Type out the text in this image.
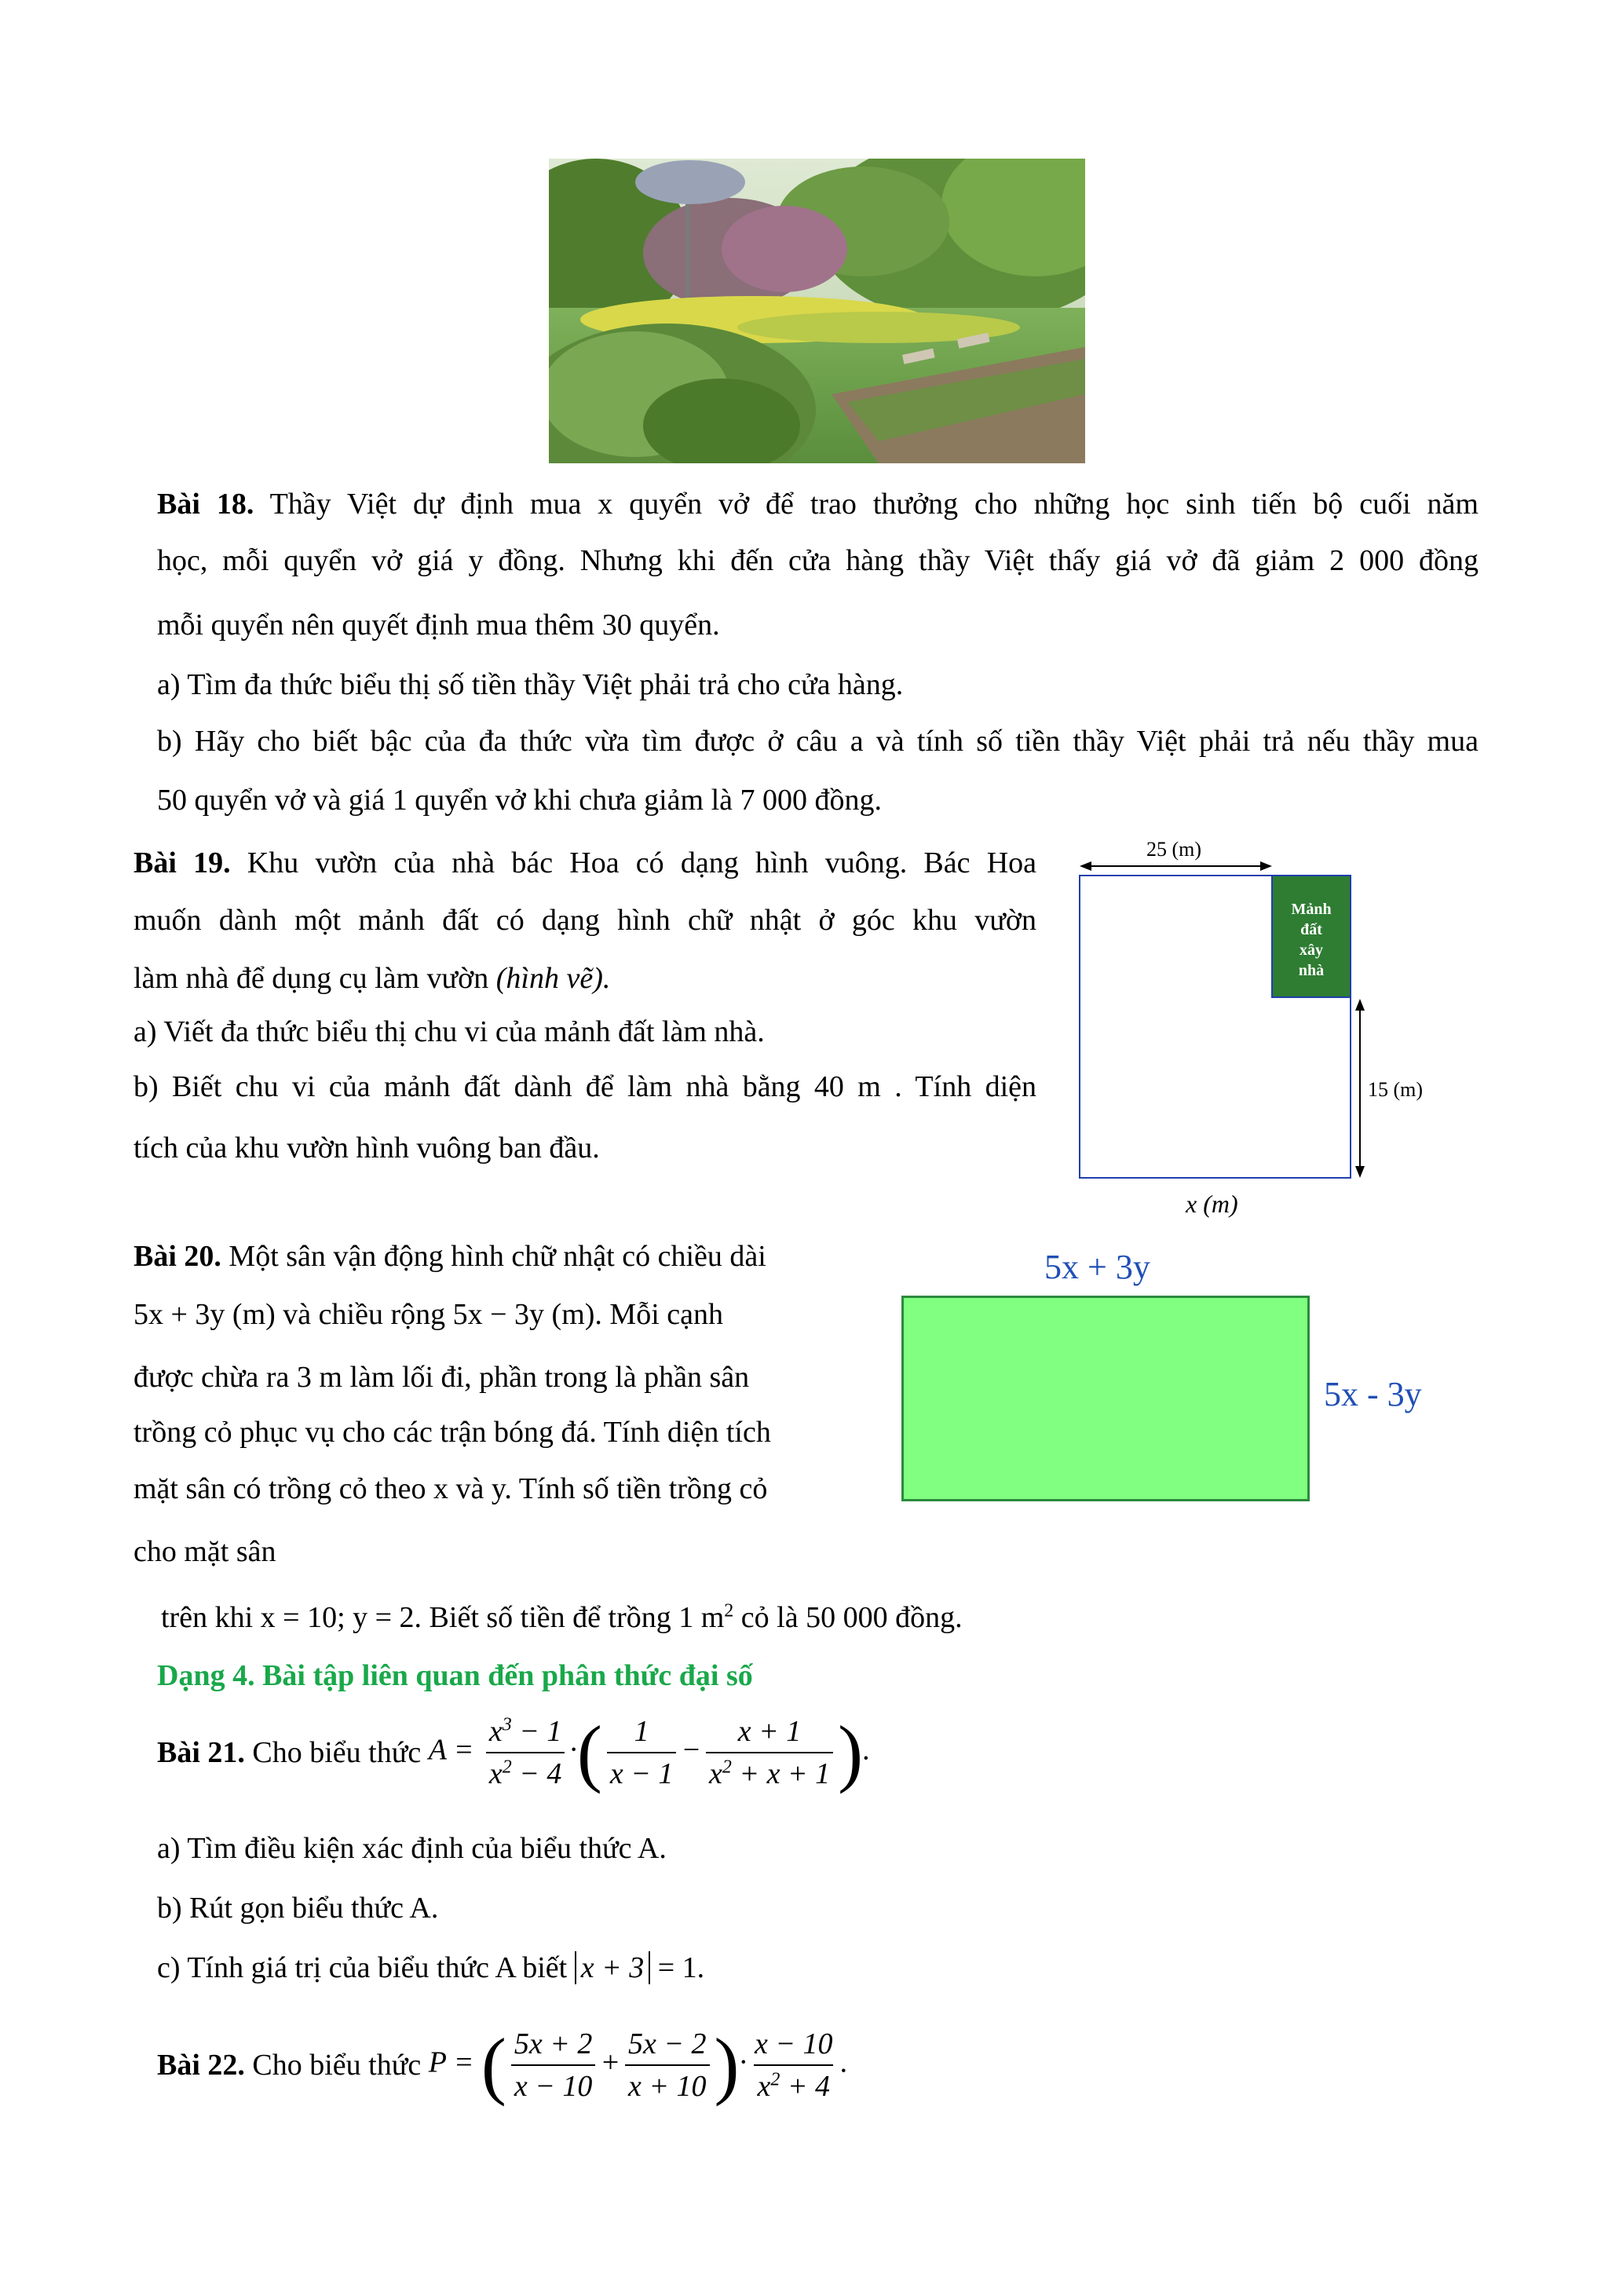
Bài 18. Thầy Việt dự định mua x quyển vở để trao thưởng cho những học sinh tiến bộ cuối năm
học, mỗi quyển vở giá y đồng. Nhưng khi đến cửa hàng thầy Việt thấy giá vở đã giảm 2 000 đồng
mỗi quyển nên quyết định mua thêm 30 quyển.
a) Tìm đa thức biểu thị số tiền thầy Việt phải trả cho cửa hàng.
b) Hãy cho biết bậc của đa thức vừa tìm được ở câu a và tính số tiền thầy Việt phải trả nếu thầy mua
50 quyển vở và giá 1 quyển vở khi chưa giảm là 7 000 đồng.
Bài 19. Khu vườn của nhà bác Hoa có dạng hình vuông. Bác Hoa
muốn dành một mảnh đất có dạng hình chữ nhật ở góc khu vườn
làm nhà để dụng cụ làm vườn (hình vẽ).
a) Viết đa thức biểu thị chu vi của mảnh đất làm nhà.
b) Biết chu vi của mảnh đất dành để làm nhà bằng 40 m . Tính diện
tích của khu vườn hình vuông ban đầu.
25 (m)
15 (m)
x (m)
Mảnh
đất
xây
nhà
Bài 20. Một sân vận động hình chữ nhật có chiều dài
5x + 3y (m) và chiều rộng 5x − 3y (m). Mỗi cạnh
được chừa ra 3 m làm lối đi, phần trong là phần sân
trồng cỏ phục vụ cho các trận bóng đá. Tính diện tích
mặt sân có trồng cỏ theo x và y. Tính số tiền trồng cỏ
cho mặt sân
trên khi x = 10; y = 2. Biết số tiền để trồng 1 $m^2$ cỏ là 50 000 đồng.
5x + 3y
5x - 3y
Dạng 4. Bài tập liên quan đến phân thức đại số
Bài 21.
Cho biểu thức
$A = \frac{x^3 - 1}{x^2 - 4}$ ·( $\frac{1}{x - 1} - \frac{x + 1}{x^2 + x + 1}$ ).
a) Tìm điều kiện xác định của biểu thức A.
b) Rút gọn biểu thức A.
c) Tính giá trị của biểu thức A biết x + 3 = 1.
Bài 22.
Cho biểu thức
P = ( $\frac{5x + 2}{x - 10} + \frac{5x - 2}{x + 10}$ )· $\frac{x - 10}{x^2 + 4}$ .
